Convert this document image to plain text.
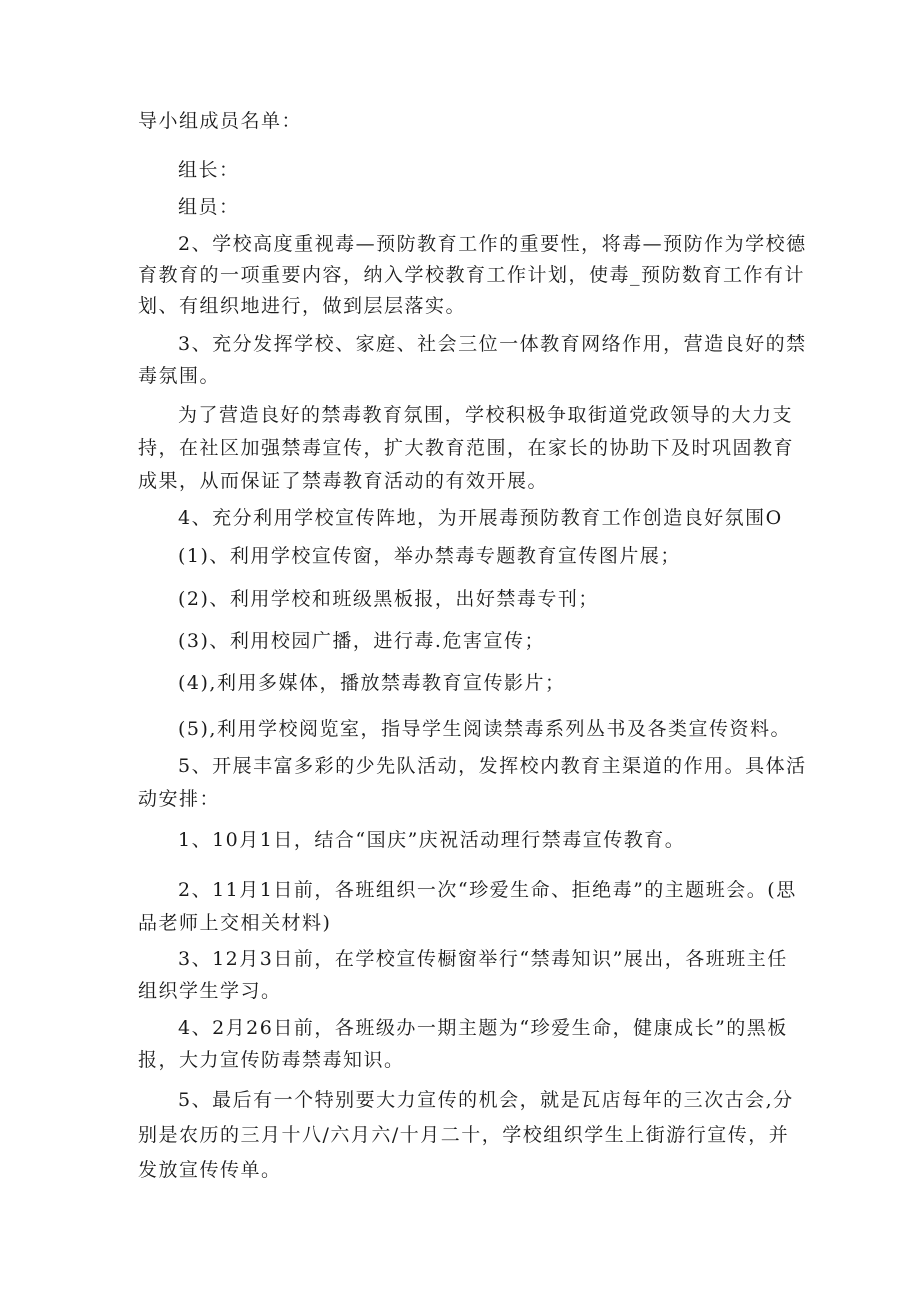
导小组成员名单：
组长：
组员：
2、学校高度重视毒—预防教育工作的重要性，将毒—预防作为学校德
育教育的一项重要内容，纳入学校教育工作计划，使毒_预防数育工作有计
划、有组织地进行，做到层层落实。
3、充分发挥学校、家庭、社会三位一体教育网络作用，营造良好的禁
毒氛围。
为了营造良好的禁毒教育氛围，学校积极争取街道党政领导的大力支
持，在社区加强禁毒宣传，扩大教育范围，在家长的协助下及时巩固教育
成果，从而保证了禁毒教育活动的有效开展。
4、充分利用学校宣传阵地，为开展毒预防教育工作创造良好氛围O
(1)、利用学校宣传窗，举办禁毒专题教育宣传图片展；
(2)、利用学校和班级黑板报，出好禁毒专刊；
(3)、利用校园广播，进行毒.危害宣传；
(4),利用多媒体，播放禁毒教育宣传影片；
(5),利用学校阅览室，指导学生阅读禁毒系列丛书及各类宣传资料。
5、开展丰富多彩的少先队活动，发挥校内教育主渠道的作用。具体活
动安排：
1、10月1日，结合“国庆”庆祝活动理行禁毒宣传教育。
2、11月1日前，各班组织一次“珍爱生命、拒绝毒”的主题班会。(思
品老师上交相关材料)
3、12月3日前，在学校宣传橱窗举行“禁毒知识”展出，各班班主任
组织学生学习。
4、2月26日前，各班级办一期主题为“珍爱生命，健康成长”的黑板
报，大力宣传防毒禁毒知识。
5、最后有一个特别要大力宣传的机会，就是瓦店每年的三次古会,分
别是农历的三月十八/六月六/十月二十，学校组织学生上街游行宣传，并
发放宣传传单。
